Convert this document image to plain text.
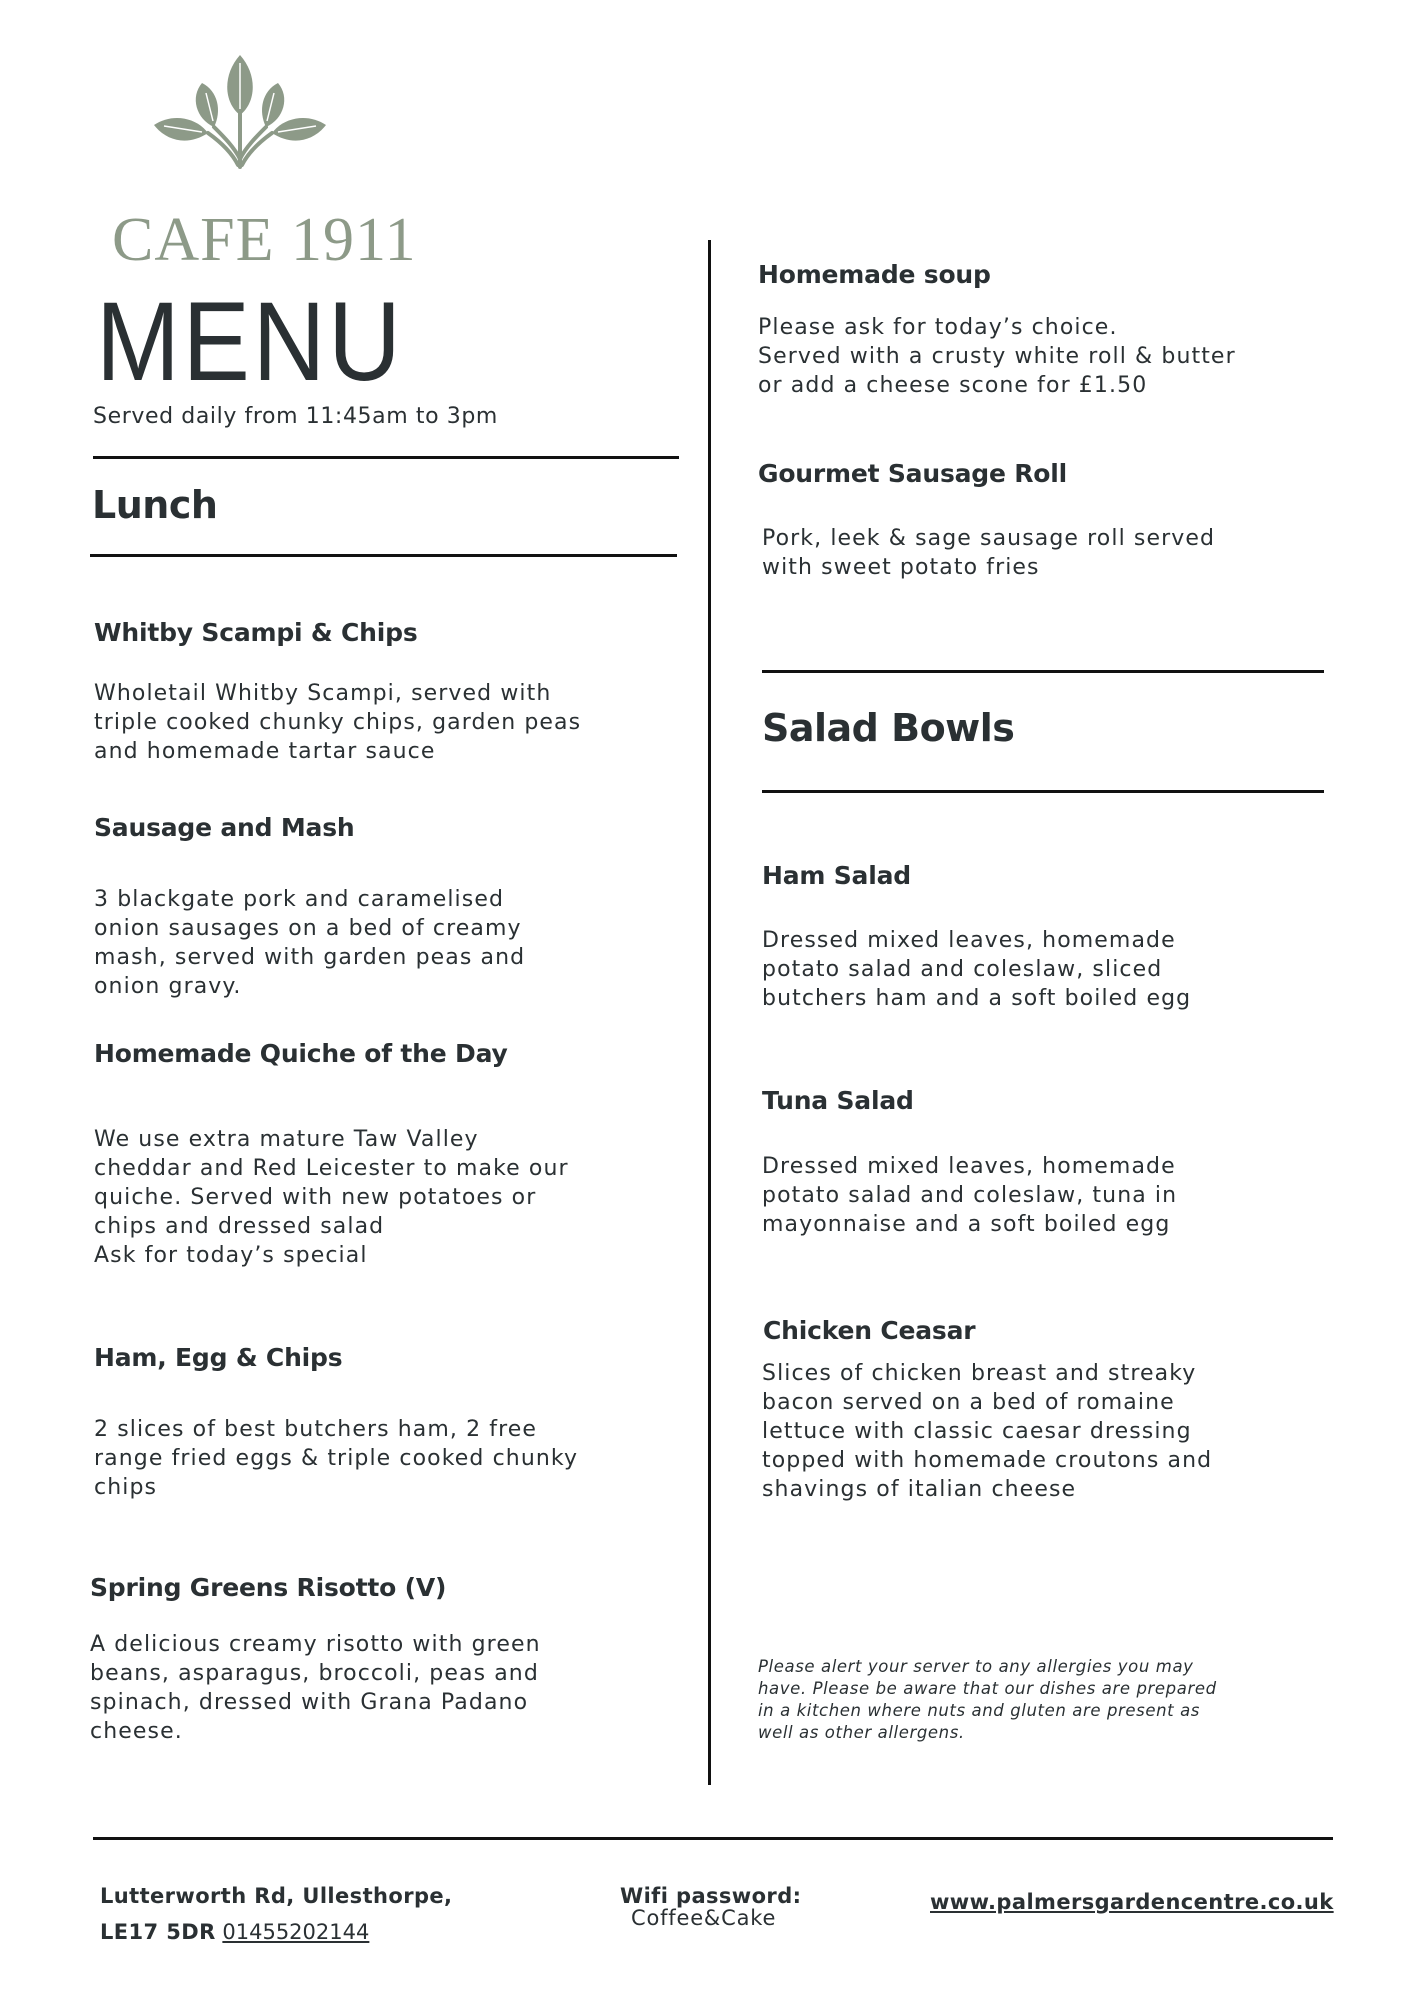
CAFE 1911
MENU
Served daily from 11:45am to 3pm
Lunch
Whitby Scampi & Chips
Wholetail Whitby Scampi, served with
triple cooked chunky chips, garden peas
and homemade tartar sauce
Sausage and Mash
3 blackgate pork and caramelised
onion sausages on a bed of creamy
mash, served with garden peas and
onion gravy.
Homemade Quiche of the Day
We use extra mature Taw Valley
cheddar and Red Leicester to make our
quiche. Served with new potatoes or
chips and dressed salad
Ask for today’s special
Ham, Egg & Chips
2 slices of best butchers ham, 2 free
range fried eggs & triple cooked chunky
chips
Spring Greens Risotto (V)
A delicious creamy risotto with green
beans, asparagus, broccoli, peas and
spinach, dressed with Grana Padano
cheese.
Homemade soup
Please ask for today’s choice.
Served with a crusty white roll & butter
or add a cheese scone for £1.50
Gourmet Sausage Roll
Pork, leek & sage sausage roll served
with sweet potato fries
Salad Bowls
Ham Salad
Dressed mixed leaves, homemade
potato salad and coleslaw, sliced
butchers ham and a soft boiled egg
Tuna Salad
Dressed mixed leaves, homemade
potato salad and coleslaw, tuna in
mayonnaise and a soft boiled egg
Chicken Ceasar
Slices of chicken breast and streaky
bacon served on a bed of romaine
lettuce with classic caesar dressing
topped with homemade croutons and
shavings of italian cheese
Please alert your server to any allergies you may have. Please be aware that our dishes are prepared in a kitchen where nuts and gluten are present as well as other allergens.
Lutterworth Rd, Ullesthorpe,
LE17 5DR 01455202144
Wifi password:
Coffee&Cake
www.palmersgardencentre.co.uk
